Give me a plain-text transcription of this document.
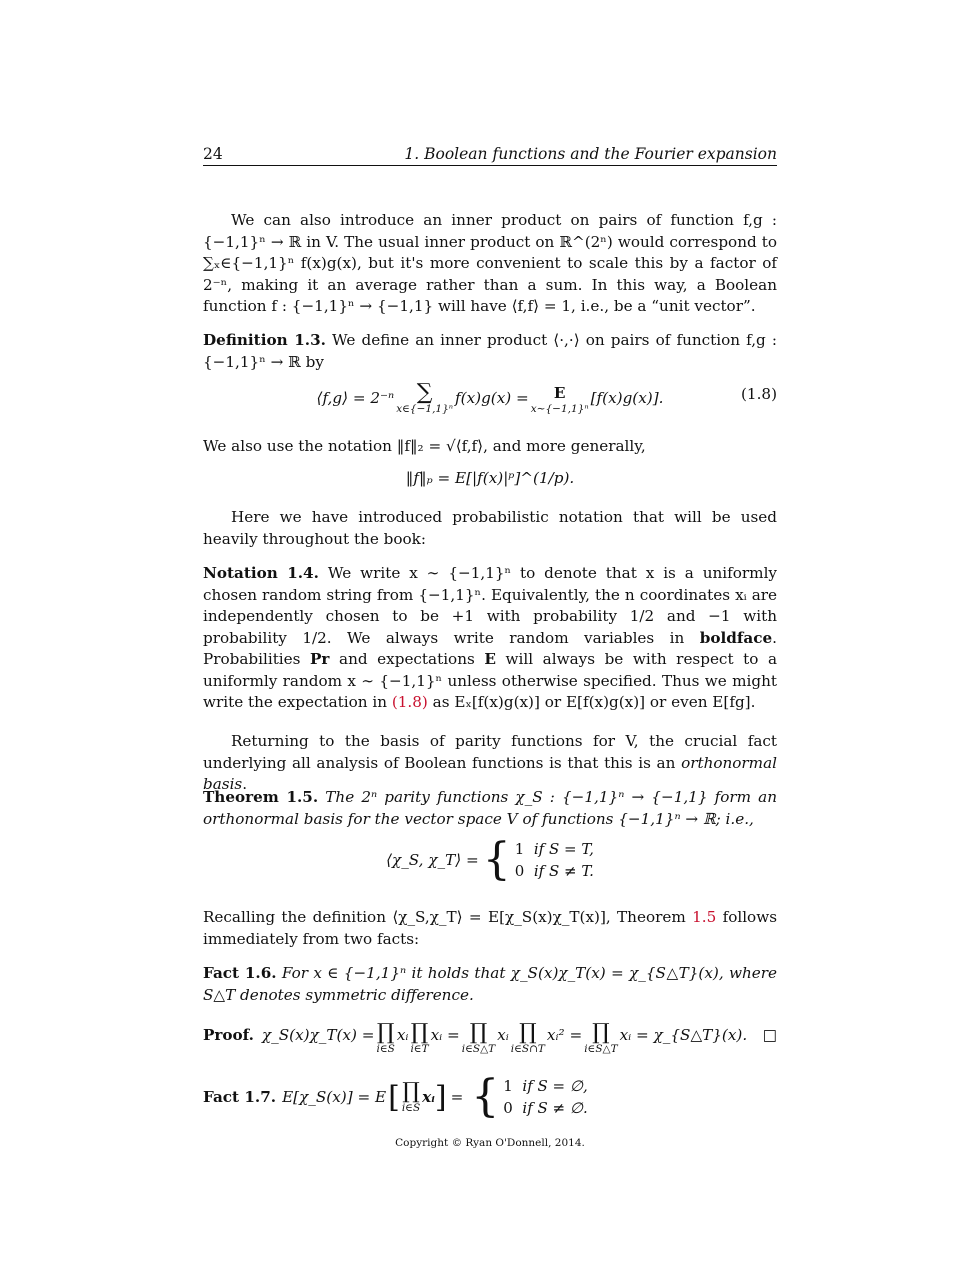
24	1. Boolean functions and the Fourier expansion
We can also introduce an inner product on pairs of function f,g : {−1,1}ⁿ → ℝ in V. The usual inner product on ℝ^(2ⁿ) would correspond to ∑ₓ∈{−1,1}ⁿ f(x)g(x), but it's more convenient to scale this by a factor of 2⁻ⁿ, making it an average rather than a sum. In this way, a Boolean function f : {−1,1}ⁿ → {−1,1} will have ⟨f,f⟩ = 1, i.e., be a “unit vector”.
Definition 1.3. We define an inner product ⟨·,·⟩ on pairs of function f,g : {−1,1}ⁿ → ℝ by
⟨f,g⟩ = 2⁻ⁿ ∑
x∈{−1,1}ⁿ
f(x)g(x) = E
x∼{−1,1}ⁿ
[f(x)g(x)].	(1.8)
We also use the notation ‖f‖₂ = √⟨f,f⟩, and more generally,
‖f‖ₚ = E[|f(x)|ᵖ]^(1/p).
Here we have introduced probabilistic notation that will be used heavily throughout the book:
Notation 1.4. We write x ∼ {−1,1}ⁿ to denote that x is a uniformly chosen random string from {−1,1}ⁿ. Equivalently, the n coordinates xᵢ are independently chosen to be +1 with probability 1/2 and −1 with probability 1/2. We always write random variables in boldface. Probabilities Pr and expectations E will always be with respect to a uniformly random x ∼ {−1,1}ⁿ unless otherwise specified. Thus we might write the expectation in (1.8) as Eₓ[f(x)g(x)] or E[f(x)g(x)] or even E[fg].
Returning to the basis of parity functions for V, the crucial fact underlying all analysis of Boolean functions is that this is an orthonormal basis.
Theorem 1.5. The 2ⁿ parity functions χ_S : {−1,1}ⁿ → {−1,1} form an orthonormal basis for the vector space V of functions {−1,1}ⁿ → ℝ; i.e.,
⟨χ_S, χ_T⟩ = { 1 if S = T,
0 if S ≠ T.
Recalling the definition ⟨χ_S,χ_T⟩ = E[χ_S(x)χ_T(x)], Theorem 1.5 follows immediately from two facts:
Fact 1.6. For x ∈ {−1,1}ⁿ it holds that χ_S(x)χ_T(x) = χ_{S△T}(x), where S△T denotes symmetric difference.
Proof. χ_S(x)χ_T(x) = ∏
i∈S
xᵢ ∏
i∈T
xᵢ = ∏
i∈S△T
xᵢ ∏
i∈S∩T
xᵢ² = ∏
i∈S△T
xᵢ = χ_{S△T}(x). □
Fact 1.7. E[χ_S(x)] = E [ ∏
i∈S
xᵢ ] = { 1 if S = ∅,
0 if S ≠ ∅.
Copyright © Ryan O'Donnell, 2014.
